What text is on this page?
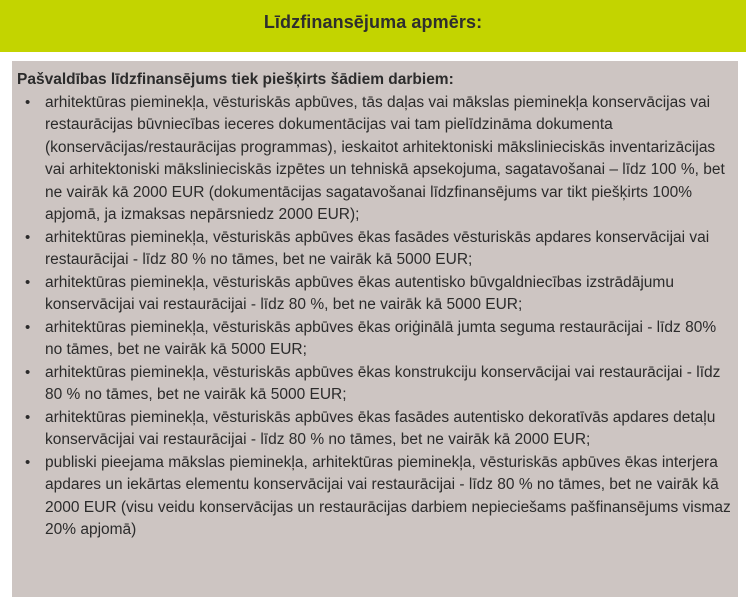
Līdzfinansējuma apmērs:

Pašvaldības līdzfinansējums tiek piešķirts šādiem darbiem:

• arhitektūras pieminekļa, vēsturiskās apbūves, tās daļas vai mākslas pieminekļa konservācijas vai restaurācijas būvniecības ieceres dokumentācijas vai tam pielīdzināma dokumenta (konservācijas/restaurācijas programmas), ieskaitot arhitektoniski mākslinieciskās inventarizācijas vai arhitektoniski mākslinieciskās izpētes un tehniskā apsekojuma, sagatavošanai – līdz 100 %, bet ne vairāk kā 2000 EUR (dokumentācijas sagatavošanai līdzfinansējums var tikt piešķirts 100% apjomā, ja izmaksas nepārsniedz 2000 EUR);
• arhitektūras pieminekļa, vēsturiskās apbūves ēkas fasādes vēsturiskās apdares konservācijai vai restaurācijai - līdz 80 % no tāmes, bet ne vairāk kā 5000 EUR;
• arhitektūras pieminekļa, vēsturiskās apbūves ēkas autentisko būvgaldniecības izstrādājumu konservācijai vai restaurācijai - līdz 80 %, bet ne vairāk kā 5000 EUR;
• arhitektūras pieminekļa, vēsturiskās apbūves ēkas oriģinālā jumta seguma restaurācijai - līdz 80% no tāmes, bet ne vairāk kā 5000 EUR;
• arhitektūras pieminekļa, vēsturiskās apbūves ēkas konstrukciju konservācijai vai restaurācijai - līdz 80 % no tāmes, bet ne vairāk kā 5000 EUR;
• arhitektūras pieminekļa, vēsturiskās apbūves ēkas fasādes autentisko dekoratīvās apdares detaļu konservācijai vai restaurācijai - līdz 80 % no tāmes, bet ne vairāk kā 2000 EUR;
• publiski pieejama mākslas pieminekļa, arhitektūras pieminekļa, vēsturiskās apbūves ēkas interjera apdares un iekārtas elementu konservācijai vai restaurācijai - līdz 80 % no tāmes, bet ne vairāk kā 2000 EUR (visu veidu konservācijas un restaurācijas darbiem nepieciešams pašfinansējums vismaz 20% apjomā)
